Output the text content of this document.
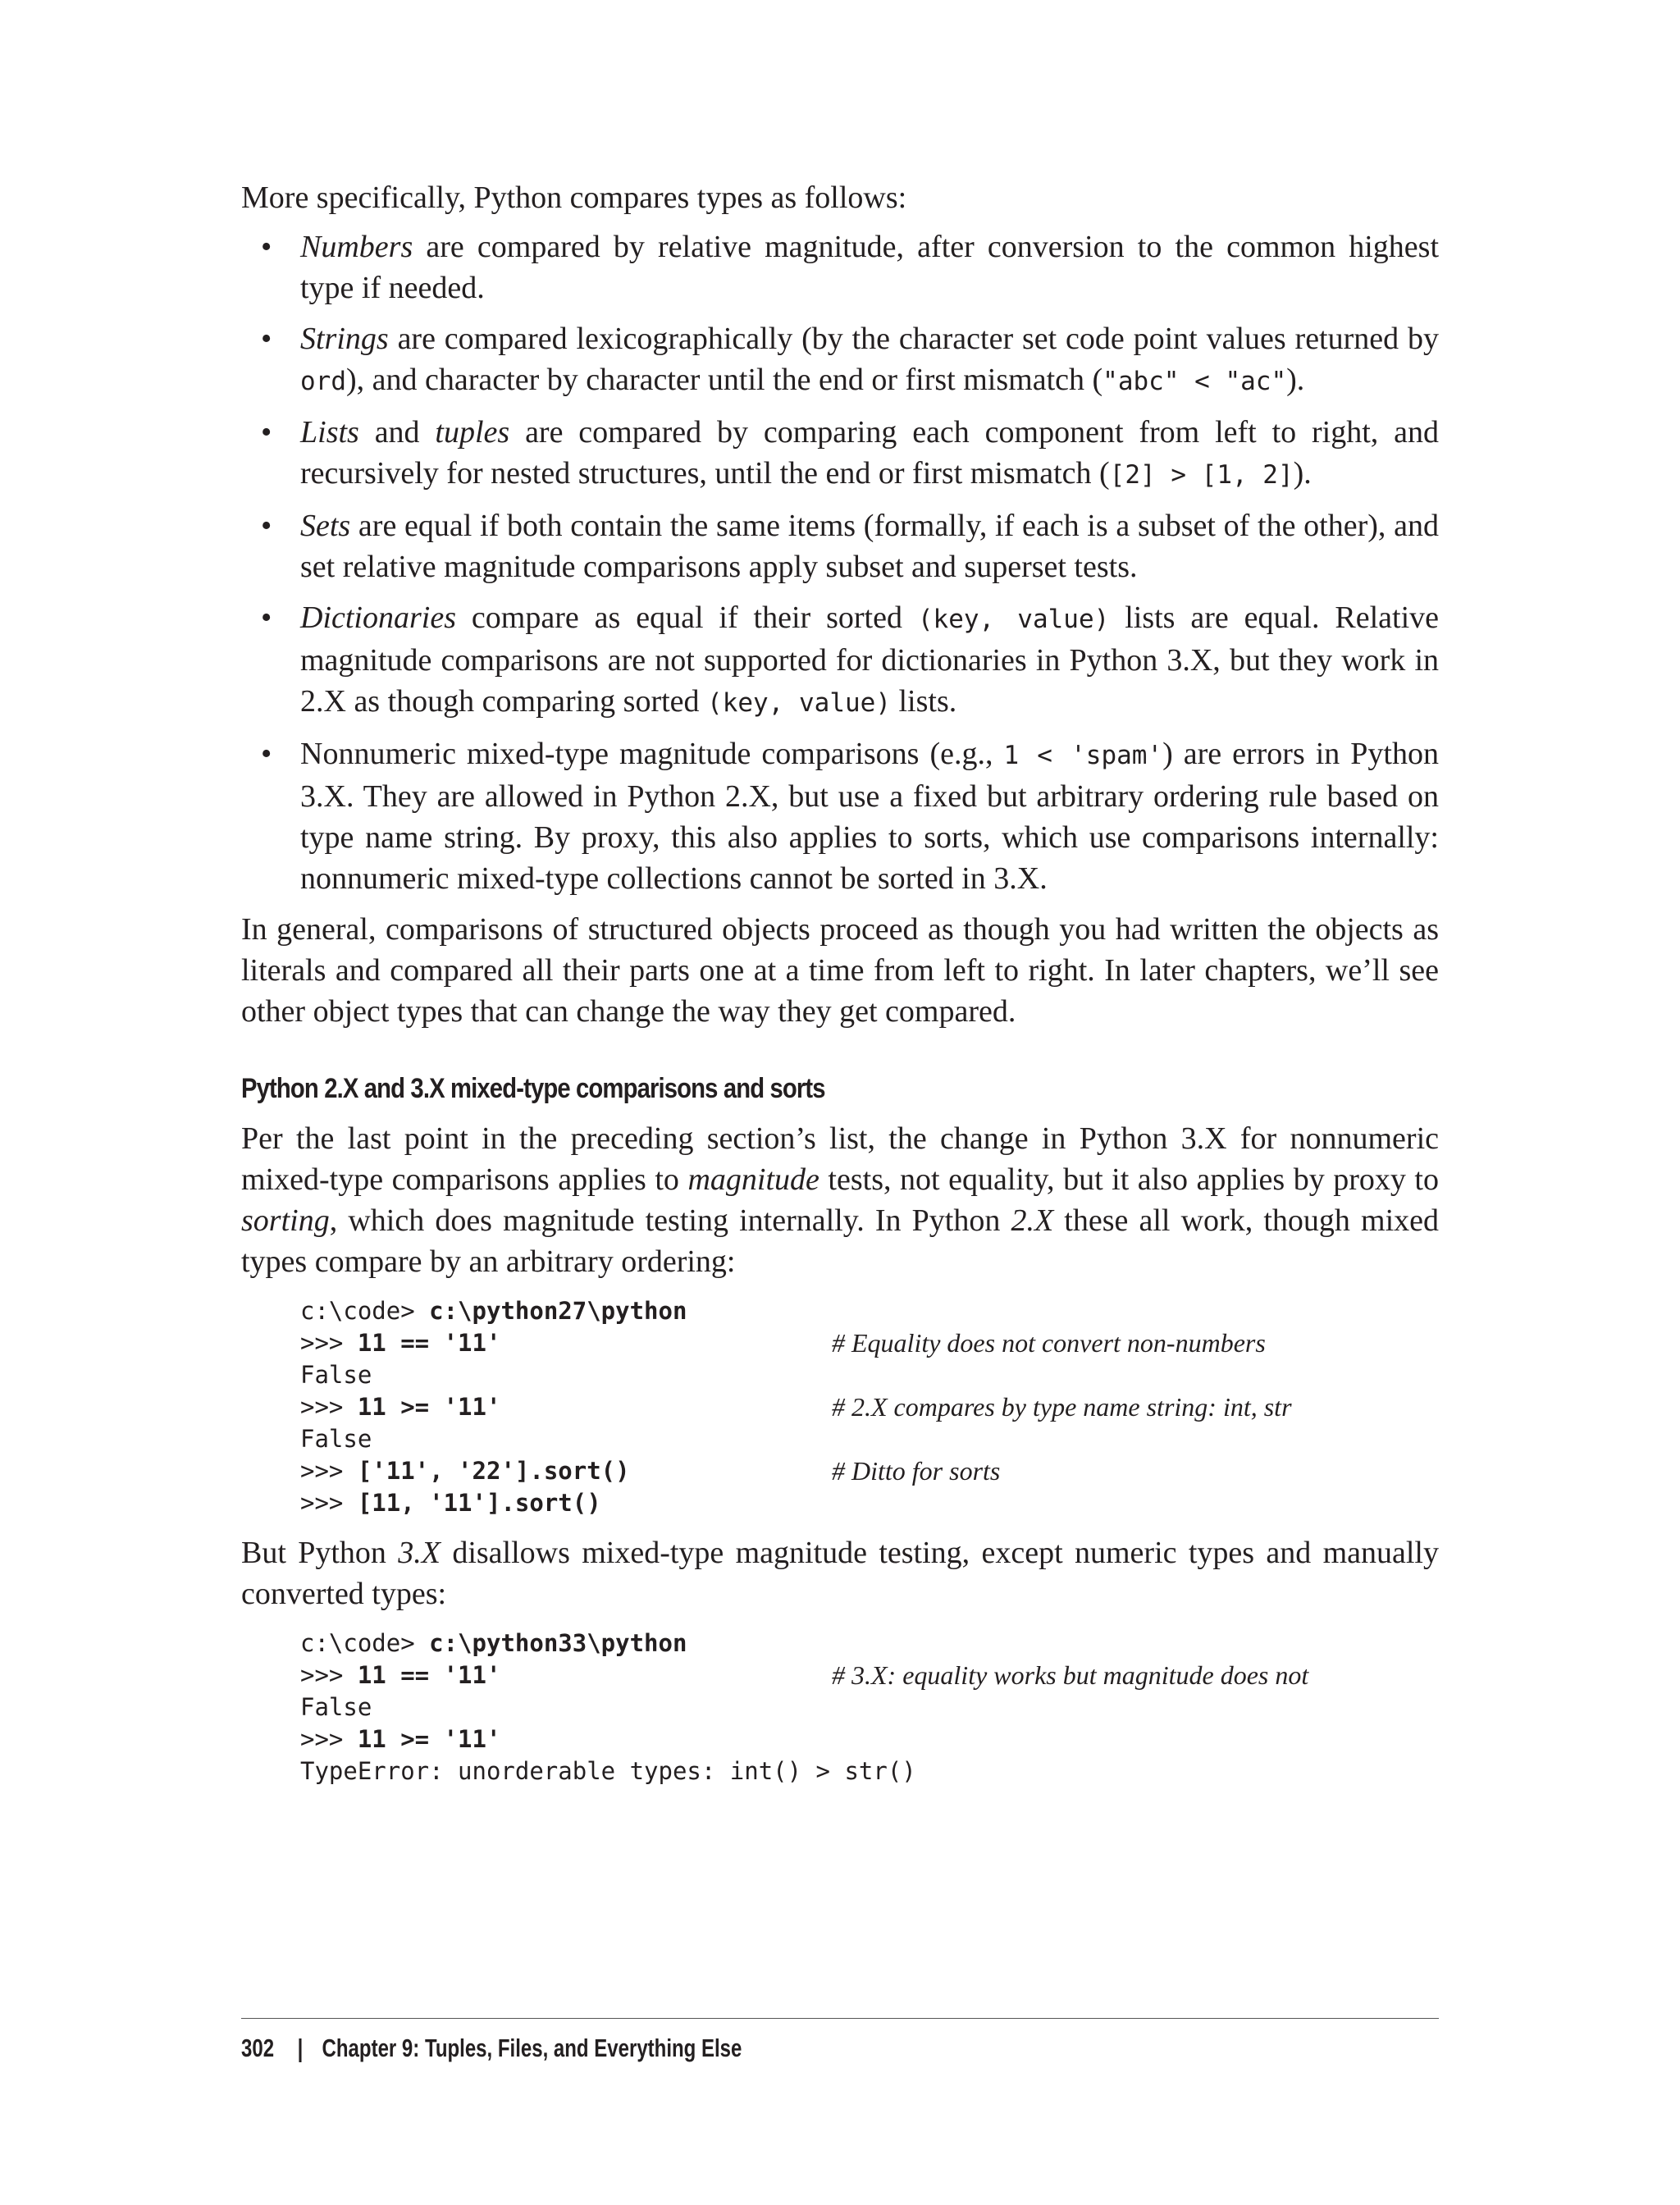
More specifically, Python compares types as follows:

• Numbers are compared by relative magnitude, after conversion to the common highest type if needed.
• Strings are compared lexicographically (by the character set code point values returned by ord), and character by character until the end or first mismatch ("abc" < "ac").
• Lists and tuples are compared by comparing each component from left to right, and recursively for nested structures, until the end or first mismatch ([2] > [1, 2]).
• Sets are equal if both contain the same items (formally, if each is a subset of the other), and set relative magnitude comparisons apply subset and superset tests.
• Dictionaries compare as equal if their sorted (key, value) lists are equal. Relative magnitude comparisons are not supported for dictionaries in Python 3.X, but they work in 2.X as though comparing sorted (key, value) lists.
• Nonnumeric mixed-type magnitude comparisons (e.g., 1 < 'spam') are errors in Python 3.X. They are allowed in Python 2.X, but use a fixed but arbitrary ordering rule based on type name string. By proxy, this also applies to sorts, which use comparisons internally: nonnumeric mixed-type collections cannot be sorted in 3.X.

In general, comparisons of structured objects proceed as though you had written the objects as literals and compared all their parts one at a time from left to right. In later chapters, we’ll see other object types that can change the way they get compared.

Python 2.X and 3.X mixed-type comparisons and sorts

Per the last point in the preceding section’s list, the change in Python 3.X for nonnumeric mixed-type comparisons applies to magnitude tests, not equality, but it also applies by proxy to sorting, which does magnitude testing internally. In Python 2.X these all work, though mixed types compare by an arbitrary ordering:

c:\code> c:\python27\python
>>> 11 == '11'	# Equality does not convert non-numbers
False
>>> 11 >= '11'	# 2.X compares by type name string: int, str
False
>>> ['11', '22'].sort()	# Ditto for sorts
>>> [11, '11'].sort()

But Python 3.X disallows mixed-type magnitude testing, except numeric types and manually converted types:

c:\code> c:\python33\python
>>> 11 == '11'	# 3.X: equality works but magnitude does not
False
>>> 11 >= '11'
TypeError: unorderable types: int() > str()
302 | Chapter 9: Tuples, Files, and Everything Else
